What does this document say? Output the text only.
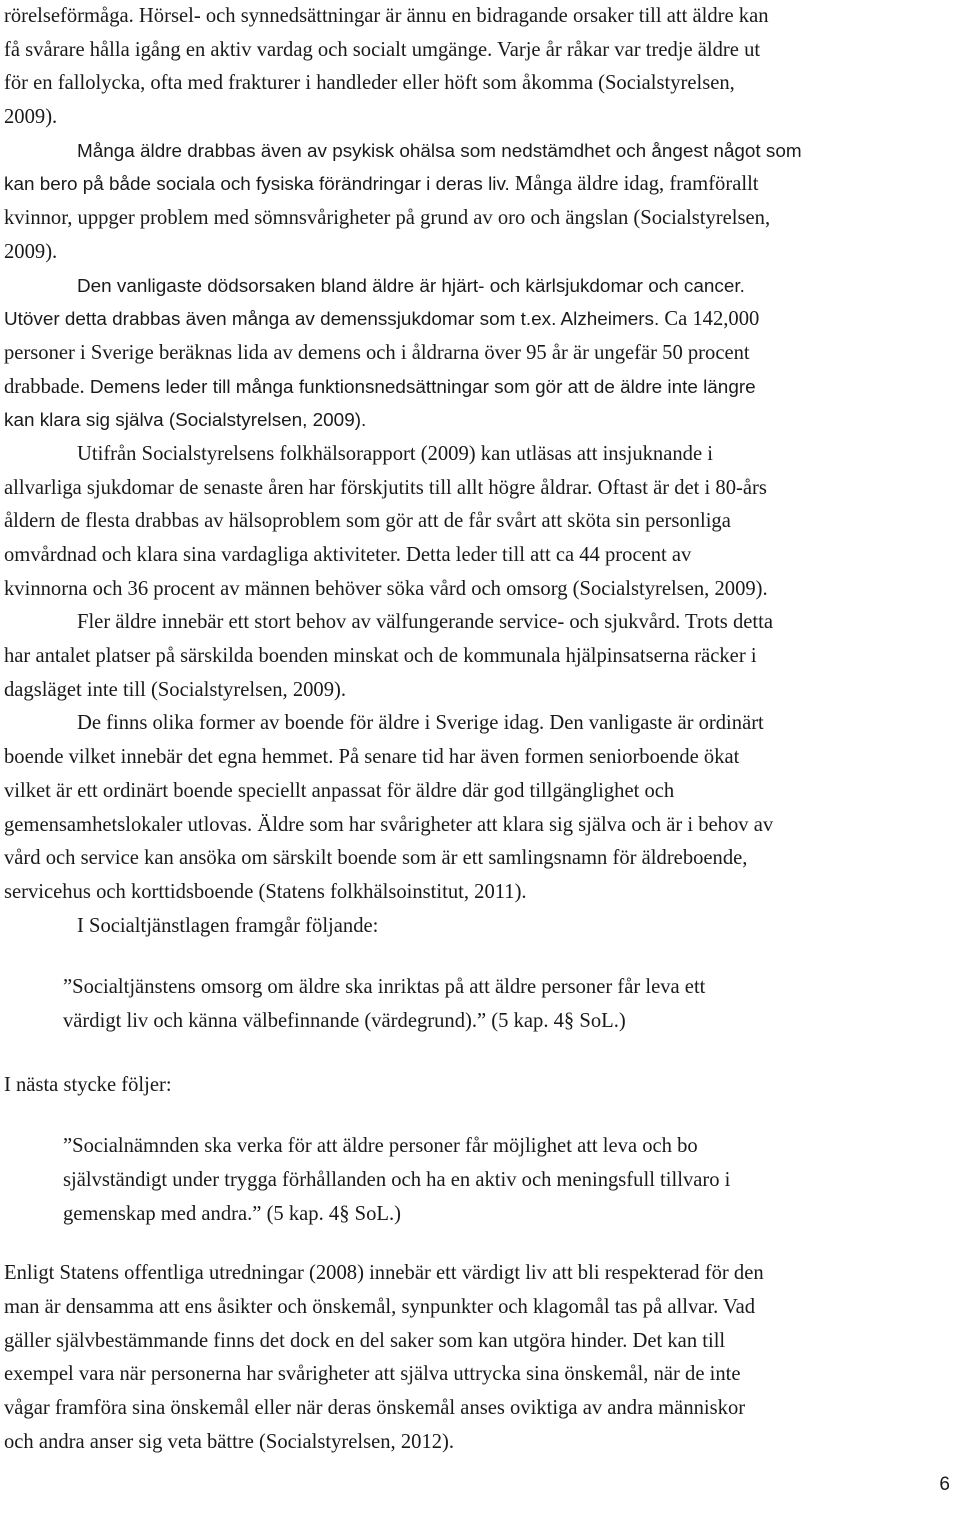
rörelseförmåga. Hörsel- och synnedsättningar är ännu en bidragande orsaker till att äldre kan
få svårare hålla igång en aktiv vardag och socialt umgänge. Varje år råkar var tredje äldre ut
för en fallolycka, ofta med frakturer i handleder eller höft som åkomma (Socialstyrelsen,
2009).
Många äldre drabbas även av psykisk ohälsa som nedstämdhet och ångest något som
kan bero på både sociala och fysiska förändringar i deras liv. Många äldre idag, framförallt
kvinnor, uppger problem med sömnsvårigheter på grund av oro och ängslan (Socialstyrelsen,
2009).
Den vanligaste dödsorsaken bland äldre är hjärt- och kärlsjukdomar och cancer.
Utöver detta drabbas även många av demenssjukdomar som t.ex. Alzheimers. Ca 142,000
personer i Sverige beräknas lida av demens och i åldrarna över 95 år är ungefär 50 procent
drabbade. Demens leder till många funktionsnedsättningar som gör att de äldre inte längre
kan klara sig själva (Socialstyrelsen, 2009).
Utifrån Socialstyrelsens folkhälsorapport (2009) kan utläsas att insjuknande i
allvarliga sjukdomar de senaste åren har förskjutits till allt högre åldrar. Oftast är det i 80-års
åldern de flesta drabbas av hälsoproblem som gör att de får svårt att sköta sin personliga
omvårdnad och klara sina vardagliga aktiviteter. Detta leder till att ca 44 procent av
kvinnorna och 36 procent av männen behöver söka vård och omsorg (Socialstyrelsen, 2009).
Fler äldre innebär ett stort behov av välfungerande service- och sjukvård. Trots detta
har antalet platser på särskilda boenden minskat och de kommunala hjälpinsatserna räcker i
dagsläget inte till (Socialstyrelsen, 2009).
De finns olika former av boende för äldre i Sverige idag. Den vanligaste är ordinärt
boende vilket innebär det egna hemmet. På senare tid har även formen seniorboende ökat
vilket är ett ordinärt boende speciellt anpassat för äldre där god tillgänglighet och
gemensamhetslokaler utlovas. Äldre som har svårigheter att klara sig själva och är i behov av
vård och service kan ansöka om särskilt boende som är ett samlingsnamn för äldreboende,
servicehus och korttidsboende (Statens folkhälsoinstitut, 2011).
I Socialtjänstlagen framgår följande:
”Socialtjänstens omsorg om äldre ska inriktas på att äldre personer får leva ett
värdigt liv och känna välbefinnande (värdegrund).” (5 kap. 4§ SoL.)
I nästa stycke följer:
”Socialnämnden ska verka för att äldre personer får möjlighet att leva och bo
självständigt under trygga förhållanden och ha en aktiv och meningsfull tillvaro i
gemenskap med andra.” (5 kap. 4§ SoL.)
Enligt Statens offentliga utredningar (2008) innebär ett värdigt liv att bli respekterad för den
man är densamma att ens åsikter och önskemål, synpunkter och klagomål tas på allvar. Vad
gäller självbestämmande finns det dock en del saker som kan utgöra hinder. Det kan till
exempel vara när personerna har svårigheter att själva uttrycka sina önskemål, när de inte
vågar framföra sina önskemål eller när deras önskemål anses oviktiga av andra människor
och andra anser sig veta bättre (Socialstyrelsen, 2012).
6
